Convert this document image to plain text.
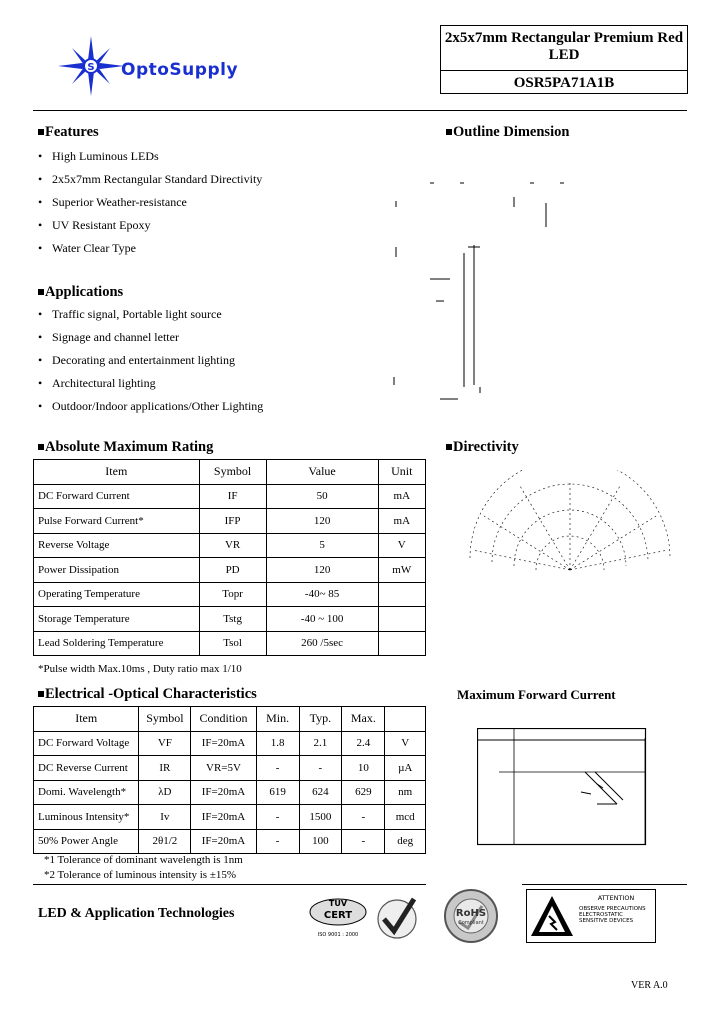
S OptoSupply
2x5x7mm Rectangular Premium Red
LED
OSR5PA71A1B
Features
• High Luminous LEDs
• 2x5x7mm Rectangular Standard Directivity
• Superior Weather-resistance
• UV Resistant Epoxy
• Water Clear Type
Applications
• Traffic signal, Portable light source
• Signage and channel letter
• Decorating and entertainment lighting
• Architectural lighting
• Outdoor/Indoor applications/Other Lighting
Outline Dimension
Absolute Maximum Rating
Item	Symbol	Value	Unit
DC Forward Current	IF	50	mA
Pulse Forward Current*	IFP	120	mA
Reverse Voltage	VR	5	V
Power Dissipation	PD	120	mW
Operating Temperature	Topr	-40~ 85	
Storage Temperature	Tstg	-40 ~ 100	
Lead Soldering Temperature	Tsol	260 /5sec	
*Pulse width Max.10ms , Duty ratio max 1/10
Directivity
Electrical -Optical Characteristics
Item	Symbol	Condition	Min.	Typ.	Max.	
DC Forward Voltage	VF	IF=20mA	1.8	2.1	2.4	V
DC Reverse Current	IR	VR=5V	-	-	10	µA
Domi. Wavelength*	λD	IF=20mA	619	624	629	nm
Luminous Intensity*	Iv	IF=20mA	-	1500	-	mcd
50% Power Angle	2θ1/2	IF=20mA	-	100	-	deg
*1 Tolerance of dominant wavelength is 1nm
*2 Tolerance of luminous intensity is ±15%
Maximum Forward Current
LED & Application Technologies
TÜV
CERT
ISO 9001 : 2000
RoHS
Compliant
ATTENTION
OBSERVE PRECAUTIONS
ELECTROSTATIC
SENSITIVE DEVICES
VER A.0
